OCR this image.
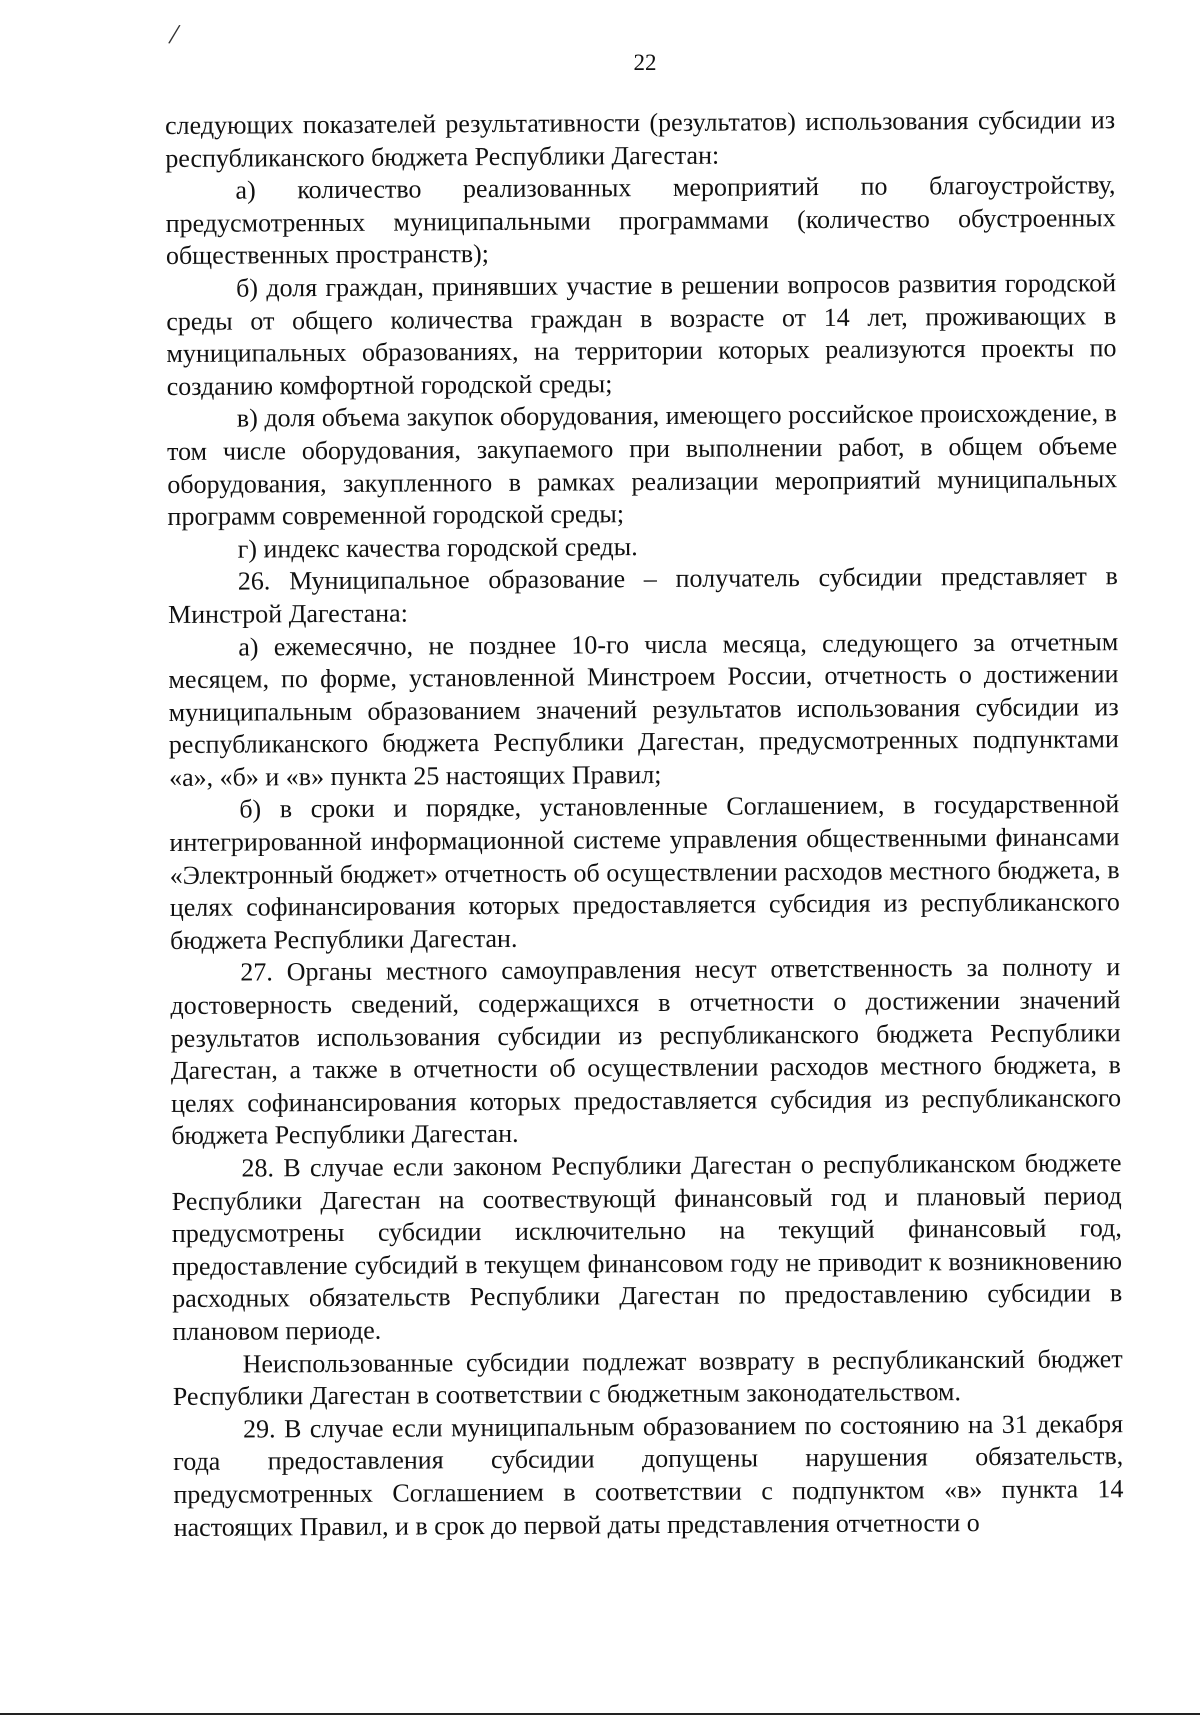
/
22

следующих показателей результативности (результатов) использования субсидии из республиканского бюджета Республики Дагестан:

а) количество реализованных мероприятий по благоустройству, предусмотренных муниципальными программами (количество обустроенных общественных пространств);

б) доля граждан, принявших участие в решении вопросов развития городской среды от общего количества граждан в возрасте от 14 лет, проживающих в муниципальных образованиях, на территории которых реализуются проекты по созданию комфортной городской среды;

в) доля объема закупок оборудования, имеющего российское происхождение, в том числе оборудования, закупаемого при выполнении работ, в общем объеме оборудования, закупленного в рамках реализации мероприятий муниципальных программ современной городской среды;

г) индекс качества городской среды.

26. Муниципальное образование – получатель субсидии представляет в Минстрой Дагестана:

а) ежемесячно, не позднее 10-го числа месяца, следующего за отчетным месяцем, по форме, установленной Минстроем России, отчетность о достижении муниципальным образованием значений результатов использования субсидии из республиканского бюджета Республики Дагестан, предусмотренных подпунктами «а», «б» и «в» пункта 25 настоящих Правил;

б) в сроки и порядке, установленные Соглашением, в государственной интегрированной информационной системе управления общественными финансами «Электронный бюджет» отчетность об осуществлении расходов местного бюджета, в целях софинансирования которых предоставляется субсидия из республиканского бюджета Республики Дагестан.

27. Органы местного самоуправления несут ответственность за полноту и достоверность сведений, содержащихся в отчетности о достижении значений результатов использования субсидии из республиканского бюджета Республики Дагестан, а также в отчетности об осуществлении расходов местного бюджета, в целях софинансирования которых предоставляется субсидия из республиканского бюджета Республики Дагестан.

28. В случае если законом Республики Дагестан о республиканском бюджете Республики Дагестан на соотвествующй финансовый год и плановый период предусмотрены субсидии исключительно на текущий финансовый год, предоставление субсидий в текущем финансовом году не приводит к возникновению расходных обязательств Республики Дагестан по предоставлению субсидии в плановом периоде.

Неиспользованные субсидии подлежат возврату в республиканский бюджет Республики Дагестан в соответствии с бюджетным законодательством.

29. В случае если муниципальным образованием по состоянию на 31 декабря года предоставления субсидии допущены нарушения обязательств, предусмотренных Соглашением в соответствии с подпунктом «в» пункта 14 настоящих Правил, и в срок до первой даты представления отчетности о
